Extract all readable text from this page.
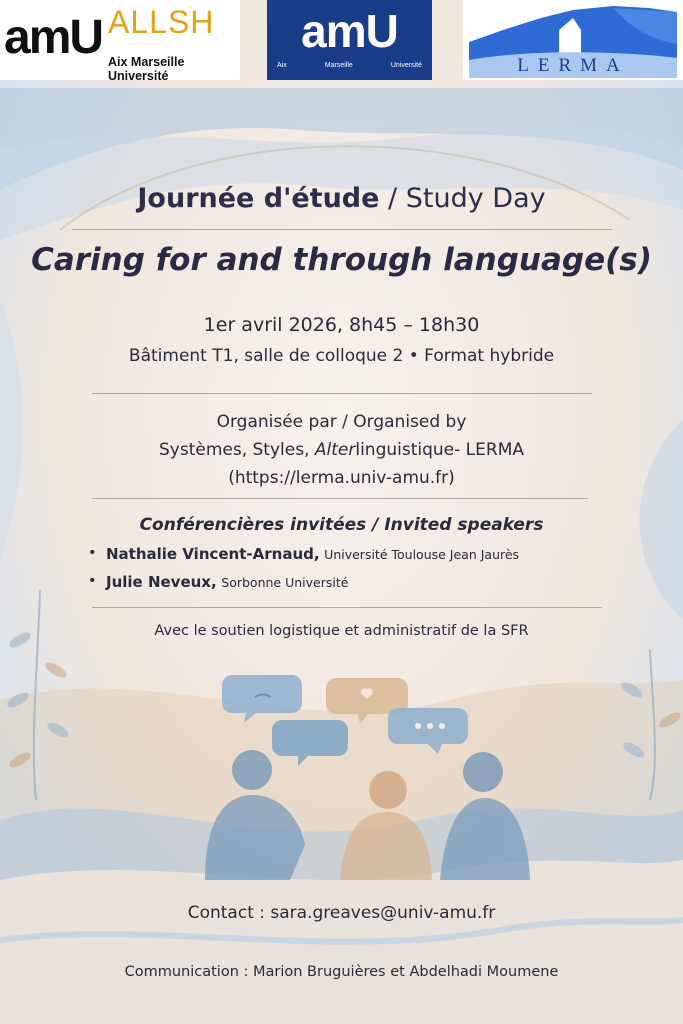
amU ALLSH
Aix Marseille Université
amU
Aix	Marseille	Université	LERMA
Journée d'étude / Study Day
Caring for and through language(s)
1er avril 2026, 8h45 – 18h30
Bâtiment T1, salle de colloque 2 • Format hybride
Organisée par / Organised by
Systèmes, Styles, Alterlinguistique- LERMA
(https://lerma.univ-amu.fr)
Conférencières invitées / Invited speakers
• Nathalie Vincent-Arnaud, Université Toulouse Jean Jaurès
• Julie Neveux, Sorbonne Université
Avec le soutien logistique et administratif de la SFR
Contact : sara.greaves@univ-amu.fr
Communication : Marion Bruguières et Abdelhadi Moumene
